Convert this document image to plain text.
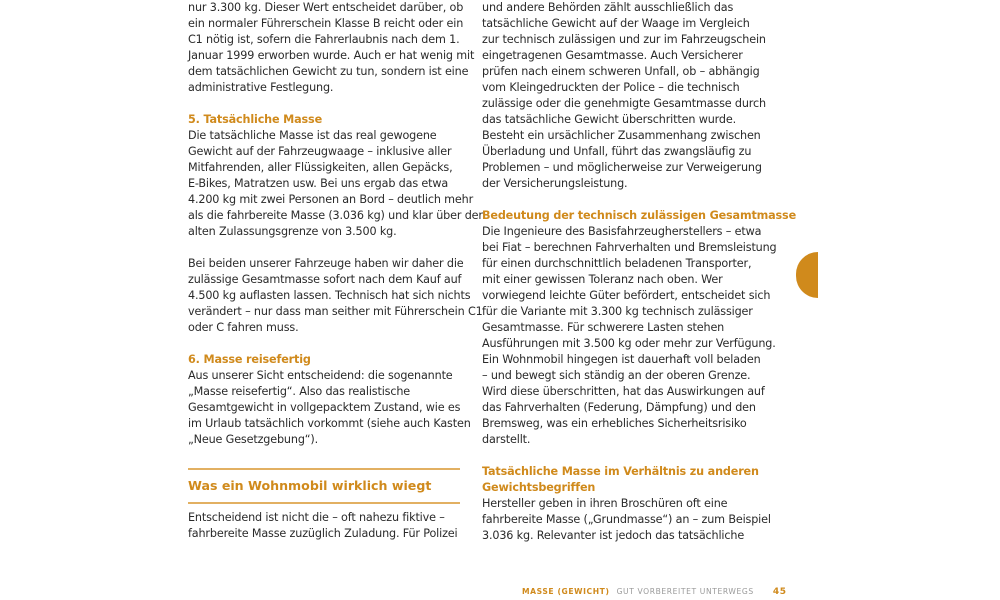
nur 3.300 kg. Dieser Wert entscheidet darüber, ob
ein normaler Führerschein Klasse B reicht oder ein
C1 nötig ist, sofern die Fahrerlaubnis nach dem 1.
Januar 1999 erworben wurde. Auch er hat wenig mit
dem tatsächlichen Gewicht zu tun, sondern ist eine
administrative Festlegung.
5. Tatsächliche Masse
Die tatsächliche Masse ist das real gewogene
Gewicht auf der Fahrzeugwaage – inklusive aller
Mitfahrenden, aller Flüssigkeiten, allen Gepäcks,
E-Bikes, Matratzen usw. Bei uns ergab das etwa
4.200 kg mit zwei Personen an Bord – deutlich mehr
als die fahrbereite Masse (3.036 kg) und klar über der
alten Zulassungsgrenze von 3.500 kg.
Bei beiden unserer Fahrzeuge haben wir daher die
zulässige Gesamtmasse sofort nach dem Kauf auf
4.500 kg auflasten lassen. Technisch hat sich nichts
verändert – nur dass man seither mit Führerschein C1
oder C fahren muss.
6. Masse reisefertig
Aus unserer Sicht entscheidend: die sogenannte
„Masse reisefertig“. Also das realistische
Gesamtgewicht in vollgepacktem Zustand, wie es
im Urlaub tatsächlich vorkommt (siehe auch Kasten
„Neue Gesetzgebung“).
Was ein Wohnmobil wirklich wiegt
Entscheidend ist nicht die – oft nahezu fiktive –
fahrbereite Masse zuzüglich Zuladung. Für Polizei
und andere Behörden zählt ausschließlich das
tatsächliche Gewicht auf der Waage im Vergleich
zur technisch zulässigen und zur im Fahrzeugschein
eingetragenen Gesamtmasse. Auch Versicherer
prüfen nach einem schweren Unfall, ob – abhängig
vom Kleingedruckten der Police – die technisch
zulässige oder die genehmigte Gesamtmasse durch
das tatsächliche Gewicht überschritten wurde.
Besteht ein ursächlicher Zusammenhang zwischen
Überladung und Unfall, führt das zwangsläufig zu
Problemen – und möglicherweise zur Verweigerung
der Versicherungsleistung.
Bedeutung der technisch zulässigen Gesamtmasse
Die Ingenieure des Basisfahrzeugherstellers – etwa
bei Fiat – berechnen Fahrverhalten und Bremsleistung
für einen durchschnittlich beladenen Transporter,
mit einer gewissen Toleranz nach oben. Wer
vorwiegend leichte Güter befördert, entscheidet sich
für die Variante mit 3.300 kg technisch zulässiger
Gesamtmasse. Für schwerere Lasten stehen
Ausführungen mit 3.500 kg oder mehr zur Verfügung.
Ein Wohnmobil hingegen ist dauerhaft voll beladen
– und bewegt sich ständig an der oberen Grenze.
Wird diese überschritten, hat das Auswirkungen auf
das Fahrverhalten (Federung, Dämpfung) und den
Bremsweg, was ein erhebliches Sicherheitsrisiko
darstellt.
Tatsächliche Masse im Verhältnis zu anderen
Gewichtsbegriffen
Hersteller geben in ihren Broschüren oft eine
fahrbereite Masse („Grundmasse“) an – zum Beispiel
3.036 kg. Relevanter ist jedoch das tatsächliche
MASSE (GEWICHT) GUT VORBEREITET UNTERWEGS 45
